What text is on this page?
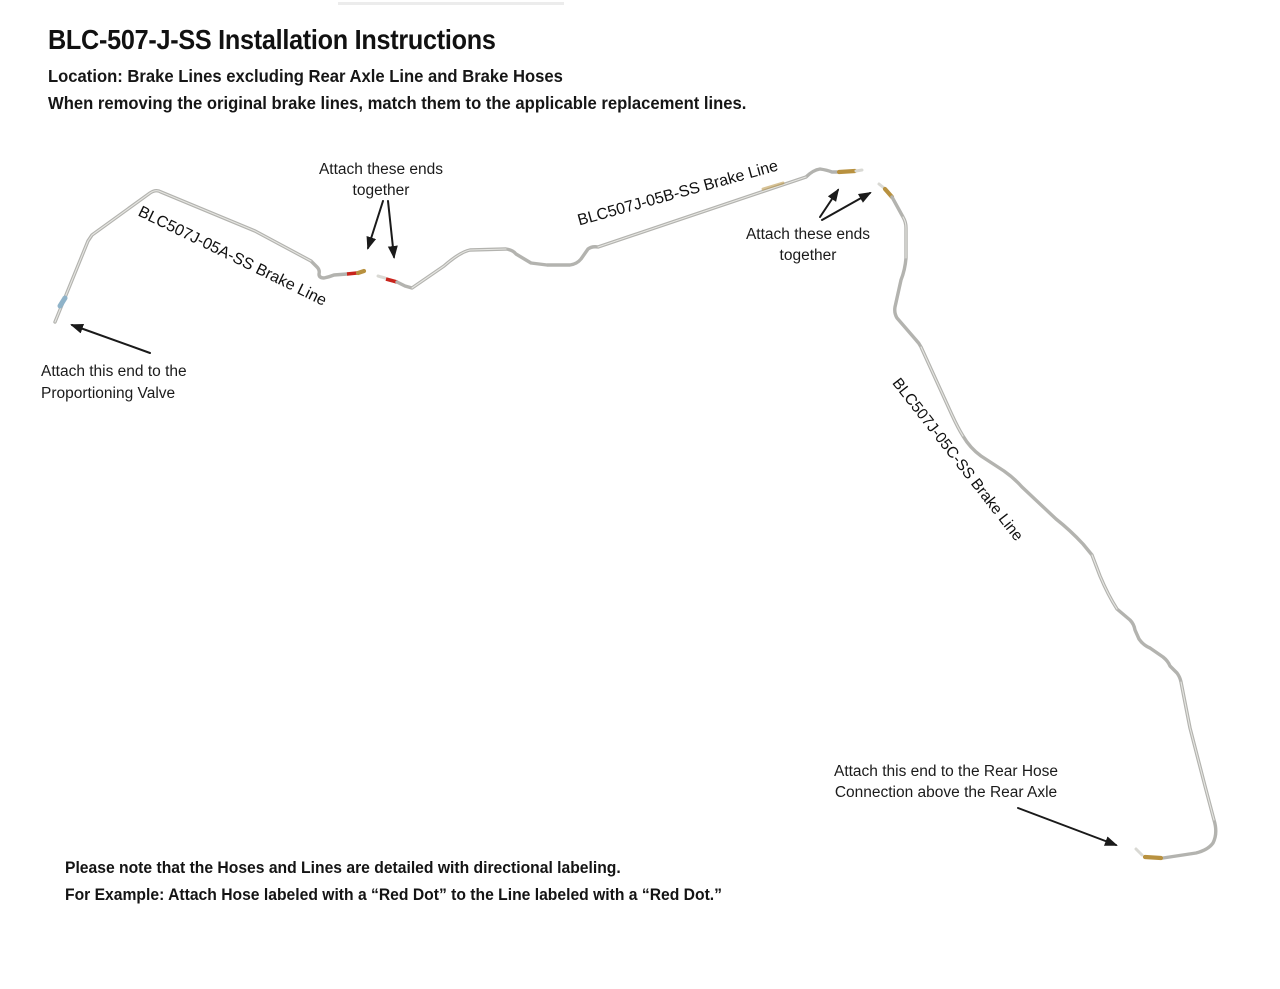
BLC-507-J-SS Installation Instructions
Location: Brake Lines excluding Rear Axle Line and Brake Hoses
When removing the original brake lines, match them to the applicable replacement lines.
Attach these ends
together
Attach these ends
together
Attach this end to the
Proportioning Valve
Attach this end to the Rear Hose
Connection above the Rear Axle
BLC507J-05A-SS Brake Line
BLC507J-05B-SS Brake Line
BLC507J-05C-SS Brake Line
Please note that the Hoses and Lines are detailed with directional labeling.
For Example: Attach Hose labeled with a “Red Dot” to the Line labeled with a “Red Dot.”
